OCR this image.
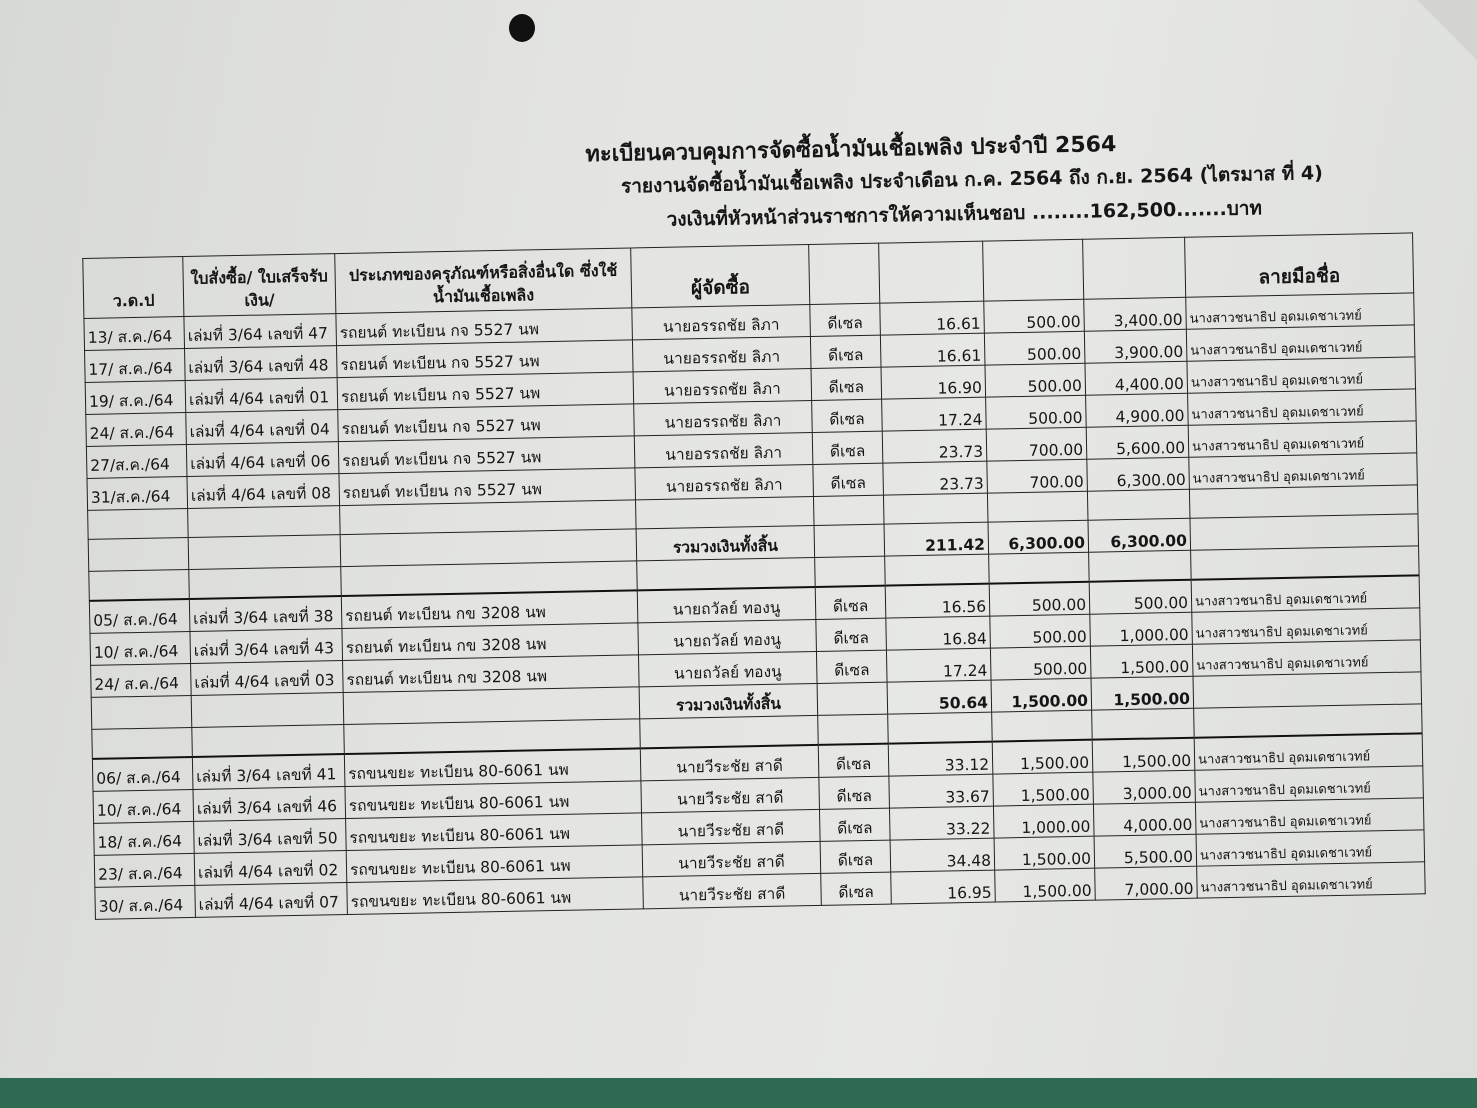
ทะเบียนควบคุมการจัดซื้อน้ำมันเชื้อเพลิง ประจำปี 2564
รายงานจัดซื้อน้ำมันเชื้อเพลิง ประจำเดือน ก.ค. 2564 ถึง ก.ย. 2564 (ไตรมาส ที่ 4)
วงเงินที่หัวหน้าส่วนราชการให้ความเห็นชอบ ........162,500.......บาท
ว.ด.ป	ใบสั่งซื้อ/ ใบเสร็จรับเงิน/	ประเภทของครุภัณฑ์หรือสิ่งอื่นใด ซึ่งใช้น้ำมันเชื้อเพลิง	ผู้จัดซื้อ					ลายมือชื่อ
13/ ส.ค./64	เล่มที่ 3/64 เลขที่ 47	รถยนต์ ทะเบียน กจ 5527 นพ	นายอรรถชัย ลิภา	ดีเซล	16.61	500.00	3,400.00	นางสาวชนาธิป อุดมเดชาเวทย์
17/ ส.ค./64	เล่มที่ 3/64 เลขที่ 48	รถยนต์ ทะเบียน กจ 5527 นพ	นายอรรถชัย ลิภา	ดีเซล	16.61	500.00	3,900.00	นางสาวชนาธิป อุดมเดชาเวทย์
19/ ส.ค./64	เล่มที่ 4/64 เลขที่ 01	รถยนต์ ทะเบียน กจ 5527 นพ	นายอรรถชัย ลิภา	ดีเซล	16.90	500.00	4,400.00	นางสาวชนาธิป อุดมเดชาเวทย์
24/ ส.ค./64	เล่มที่ 4/64 เลขที่ 04	รถยนต์ ทะเบียน กจ 5527 นพ	นายอรรถชัย ลิภา	ดีเซล	17.24	500.00	4,900.00	นางสาวชนาธิป อุดมเดชาเวทย์
27/ส.ค./64	เล่มที่ 4/64 เลขที่ 06	รถยนต์ ทะเบียน กจ 5527 นพ	นายอรรถชัย ลิภา	ดีเซล	23.73	700.00	5,600.00	นางสาวชนาธิป อุดมเดชาเวทย์
31/ส.ค./64	เล่มที่ 4/64 เลขที่ 08	รถยนต์ ทะเบียน กจ 5527 นพ	นายอรรถชัย ลิภา	ดีเซล	23.73	700.00	6,300.00	นางสาวชนาธิป อุดมเดชาเวทย์

			รวมวงเงินทั้งสิ้น		211.42	6,300.00	6,300.00	

05/ ส.ค./64	เล่มที่ 3/64 เลขที่ 38	รถยนต์ ทะเบียน กข 3208 นพ	นายถวัลย์ ทองนู	ดีเซล	16.56	500.00	500.00	นางสาวชนาธิป อุดมเดชาเวทย์
10/ ส.ค./64	เล่มที่ 3/64 เลขที่ 43	รถยนต์ ทะเบียน กข 3208 นพ	นายถวัลย์ ทองนู	ดีเซล	16.84	500.00	1,000.00	นางสาวชนาธิป อุดมเดชาเวทย์
24/ ส.ค./64	เล่มที่ 4/64 เลขที่ 03	รถยนต์ ทะเบียน กข 3208 นพ	นายถวัลย์ ทองนู	ดีเซล	17.24	500.00	1,500.00	นางสาวชนาธิป อุดมเดชาเวทย์
			รวมวงเงินทั้งสิ้น		50.64	1,500.00	1,500.00	

06/ ส.ค./64	เล่มที่ 3/64 เลขที่ 41	รถขนขยะ ทะเบียน 80-6061 นพ	นายวีระชัย สาดี	ดีเซล	33.12	1,500.00	1,500.00	นางสาวชนาธิป อุดมเดชาเวทย์
10/ ส.ค./64	เล่มที่ 3/64 เลขที่ 46	รถขนขยะ ทะเบียน 80-6061 นพ	นายวีระชัย สาดี	ดีเซล	33.67	1,500.00	3,000.00	นางสาวชนาธิป อุดมเดชาเวทย์
18/ ส.ค./64	เล่มที่ 3/64 เลขที่ 50	รถขนขยะ ทะเบียน 80-6061 นพ	นายวีระชัย สาดี	ดีเซล	33.22	1,000.00	4,000.00	นางสาวชนาธิป อุดมเดชาเวทย์
23/ ส.ค./64	เล่มที่ 4/64 เลขที่ 02	รถขนขยะ ทะเบียน 80-6061 นพ	นายวีระชัย สาดี	ดีเซล	34.48	1,500.00	5,500.00	นางสาวชนาธิป อุดมเดชาเวทย์
30/ ส.ค./64	เล่มที่ 4/64 เลขที่ 07	รถขนขยะ ทะเบียน 80-6061 นพ	นายวีระชัย สาดี	ดีเซล	16.95	1,500.00	7,000.00	นางสาวชนาธิป อุดมเดชาเวทย์
